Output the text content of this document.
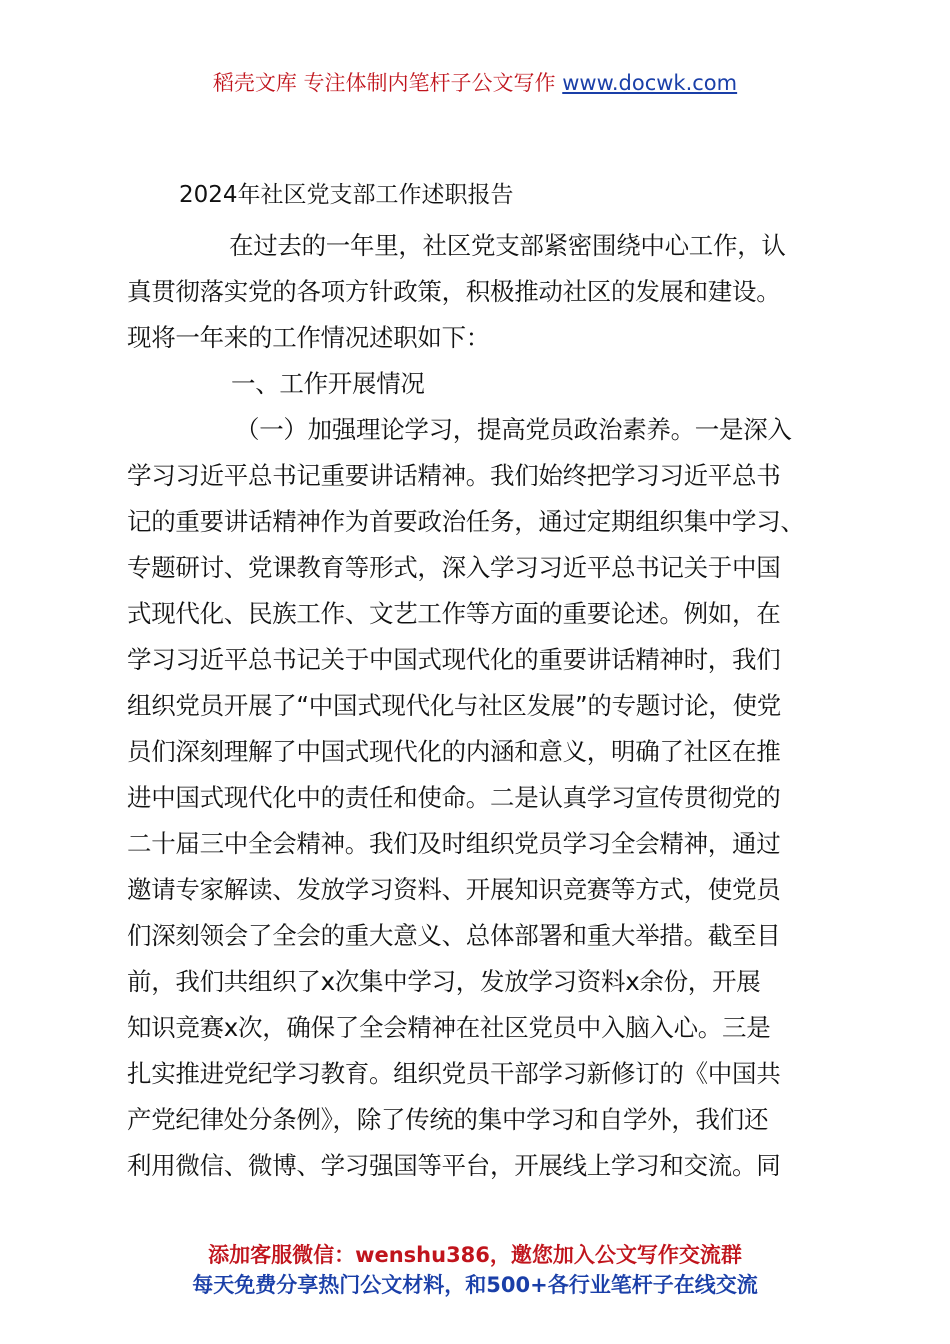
稻壳文库 专注体制内笔杆子公文写作 www.docwk.com
2024年社区党支部工作述职报告
在过去的一年里，社区党支部紧密围绕中心工作，认
真贯彻落实党的各项方针政策，积极推动社区的发展和建设。
现将一年来的工作情况述职如下：
一、工作开展情况
（一）加强理论学习，提高党员政治素养。一是深入
学习习近平总书记重要讲话精神。我们始终把学习习近平总书
记的重要讲话精神作为首要政治任务，通过定期组织集中学习、
专题研讨、党课教育等形式，深入学习习近平总书记关于中国
式现代化、民族工作、文艺工作等方面的重要论述。例如，在
学习习近平总书记关于中国式现代化的重要讲话精神时，我们
组织党员开展了“中国式现代化与社区发展”的专题讨论，使党
员们深刻理解了中国式现代化的内涵和意义，明确了社区在推
进中国式现代化中的责任和使命。二是认真学习宣传贯彻党的
二十届三中全会精神。我们及时组织党员学习全会精神，通过
邀请专家解读、发放学习资料、开展知识竞赛等方式，使党员
们深刻领会了全会的重大意义、总体部署和重大举措。截至目
前，我们共组织了x次集中学习，发放学习资料x余份，开展
知识竞赛x次，确保了全会精神在社区党员中入脑入心。三是
扎实推进党纪学习教育。组织党员干部学习新修订的《中国共
产党纪律处分条例》，除了传统的集中学习和自学外，我们还
利用微信、微博、学习强国等平台，开展线上学习和交流。同
添加客服微信：wenshu386，邀您加入公文写作交流群
每天免费分享热门公文材料，和500+各行业笔杆子在线交流
